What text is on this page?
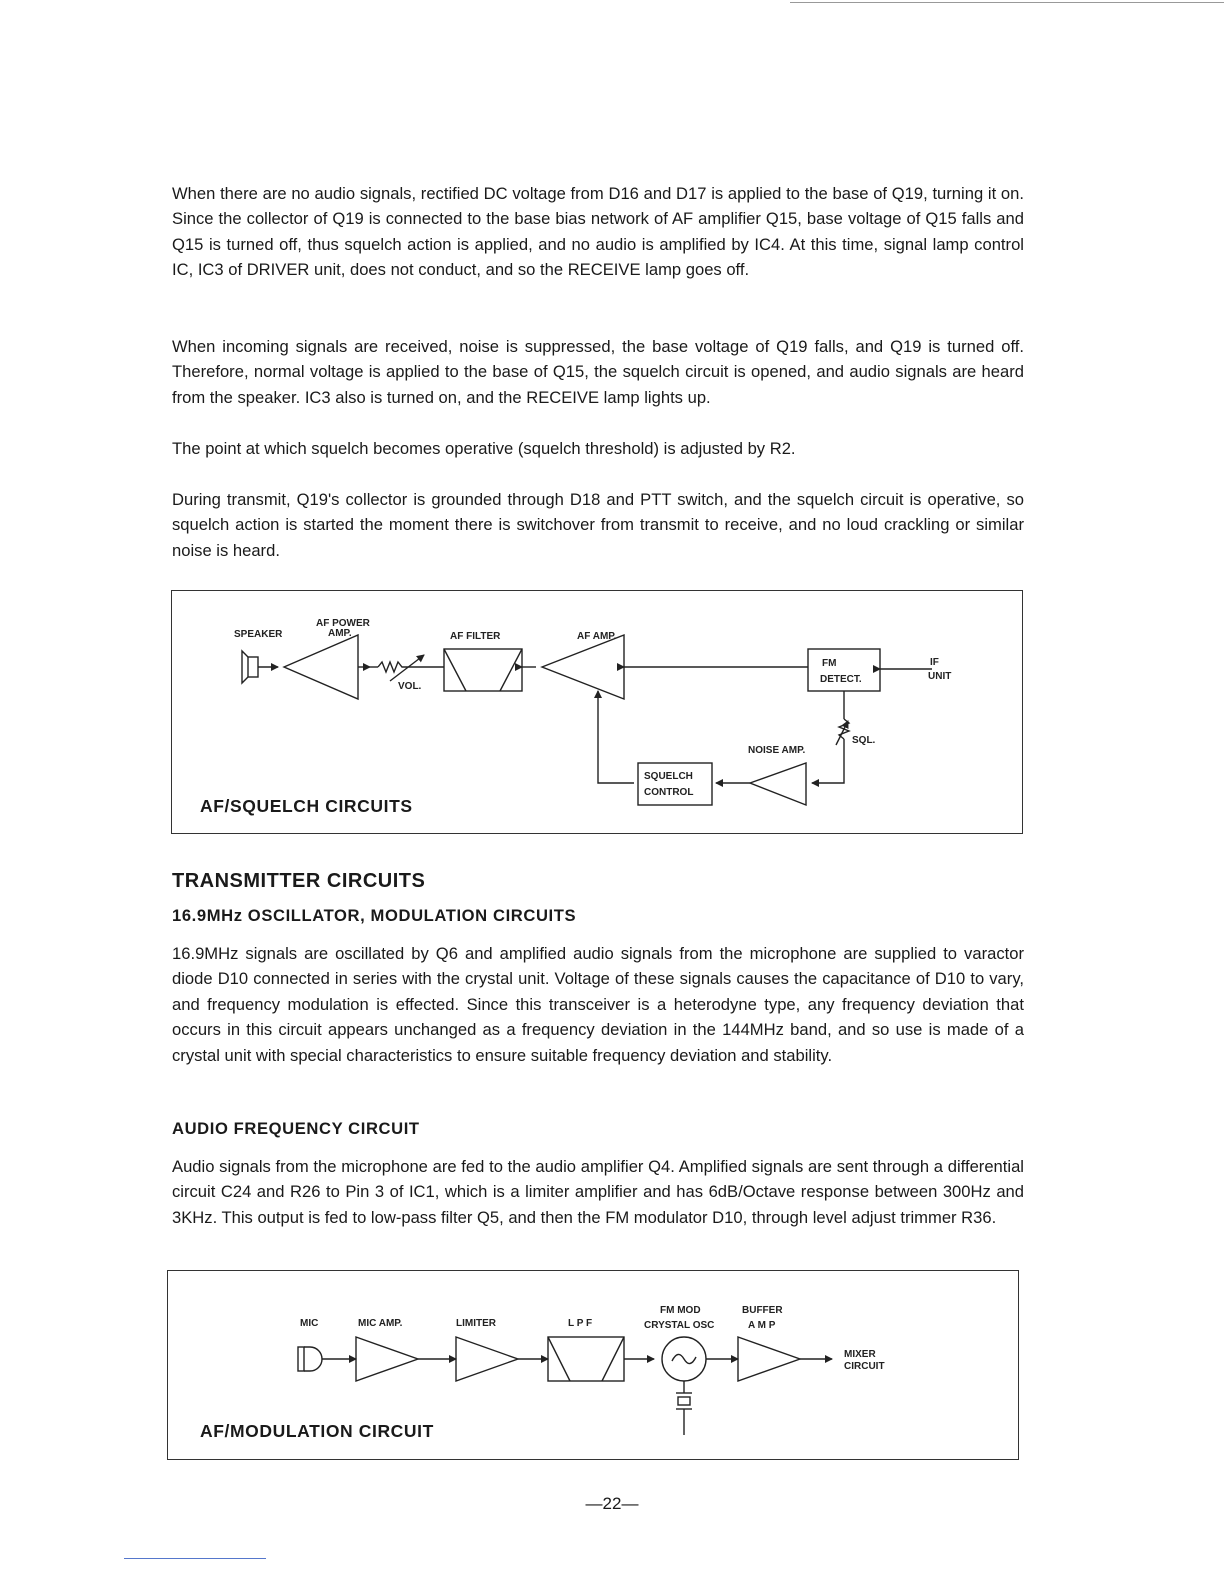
When there are no audio signals, rectified DC voltage from D16 and D17 is applied to the base of Q19, turning it on. Since the collector of Q19 is connected to the base bias network of AF amplifier Q15, base voltage of Q15 falls and Q15 is turned off, thus squelch action is applied, and no audio is amplified by IC4. At this time, signal lamp control IC, IC3 of DRIVER unit, does not conduct, and so the RECEIVE lamp goes off.

When incoming signals are received, noise is suppressed, the base voltage of Q19 falls, and Q19 is turned off. Therefore, normal voltage is applied to the base of Q15, the squelch circuit is opened, and audio signals are heard from the speaker. IC3 also is turned on, and the RECEIVE lamp lights up.

The point at which squelch becomes operative (squelch threshold) is adjusted by R2.

During transmit, Q19's collector is grounded through D18 and PTT switch, and the squelch circuit is operative, so squelch action is started the moment there is switchover from transmit to receive, and no loud crackling or similar noise is heard.

SPEAKER
AF POWER
AMP.
VOL.
AF FILTER	AF AMP.
FM
DETECT.
IF
UNIT
SQL.
NOISE AMP.
SQUELCH
CONTROL
AF/SQUELCH CIRCUITS
TRANSMITTER CIRCUITS
16.9MHz OSCILLATOR, MODULATION CIRCUITS

16.9MHz signals are oscillated by Q6 and amplified audio signals from the microphone are supplied to varactor diode D10 connected in series with the crystal unit. Voltage of these signals causes the capacitance of D10 to vary, and frequency modulation is effected. Since this transceiver is a heterodyne type, any frequency deviation that occurs in this circuit appears unchanged as a frequency deviation in the 144MHz band, and so use is made of a crystal unit with special characteristics to ensure suitable frequency deviation and stability.

AUDIO FREQUENCY CIRCUIT

Audio signals from the microphone are fed to the audio amplifier Q4. Amplified signals are sent through a differential circuit C24 and R26 to Pin 3 of IC1, which is a limiter amplifier and has 6dB/Octave response between 300Hz and 3KHz. This output is fed to low-pass filter Q5, and then the FM modulator D10, through level adjust trimmer R36.

MIC	MIC AMP.	LIMITER	L P F
FM MOD
CRYSTAL OSC
BUFFER
A M P
MIXER
CIRCUIT
AF/MODULATION CIRCUIT
—22—
